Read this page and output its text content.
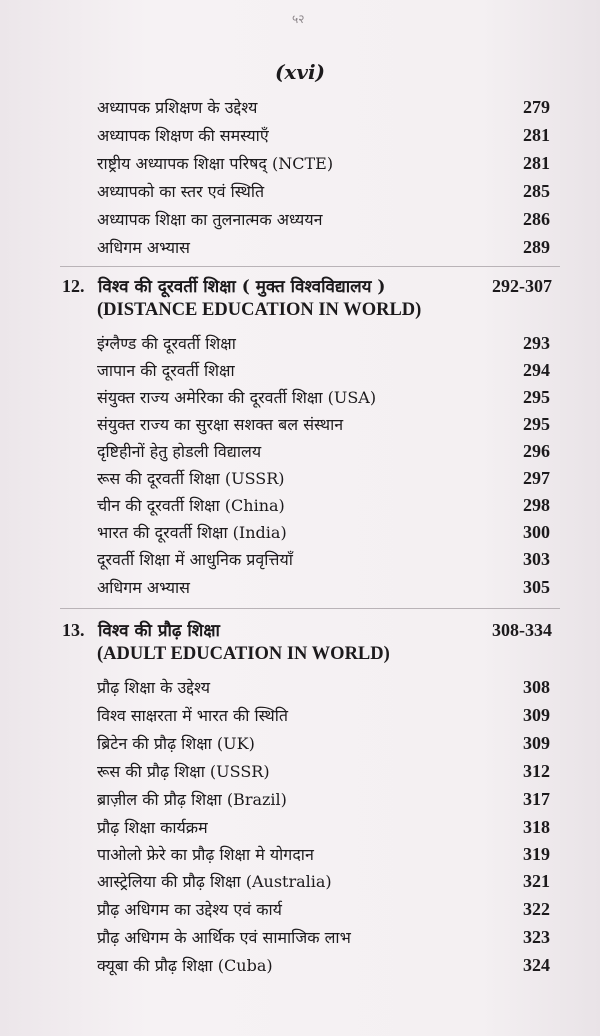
५२
(xvi)
अध्यापक प्रशिक्षण के उद्देश्य	279
अध्यापक शिक्षण की समस्याएँ	281
राष्ट्रीय अध्यापक शिक्षा परिषद् (NCTE)	281
अध्यापको का स्तर एवं स्थिति	285
अध्यापक शिक्षा का तुलनात्मक अध्ययन	286
अधिगम अभ्यास	289
12. विश्व की दूरवर्ती शिक्षा ( मुक्त विश्वविद्यालय )	292-307
(DISTANCE EDUCATION IN WORLD)
इंग्लैण्ड की दूरवर्ती शिक्षा	293
जापान की दूरवर्ती शिक्षा	294
संयुक्त राज्य अमेरिका की दूरवर्ती शिक्षा (USA)	295
संयुक्त राज्य का सुरक्षा सशक्त बल संस्थान	295
दृष्टिहीनों हेतु होडली विद्यालय	296
रूस की दूरवर्ती शिक्षा (USSR)	297
चीन की दूरवर्ती शिक्षा (China)	298
भारत की दूरवर्ती शिक्षा (India)	300
दूरवर्ती शिक्षा में आधुनिक प्रवृत्तियाँ	303
अधिगम अभ्यास	305
13. विश्व की प्रौढ़ शिक्षा	308-334
(ADULT EDUCATION IN WORLD)
प्रौढ़ शिक्षा के उद्देश्य	308
विश्व साक्षरता में भारत की स्थिति	309
ब्रिटेन की प्रौढ़ शिक्षा (UK)	309
रूस की प्रौढ़ शिक्षा (USSR)	312
ब्राज़ील की प्रौढ़ शिक्षा (Brazil)	317
प्रौढ़ शिक्षा कार्यक्रम	318
पाओलो फ्रेरे का प्रौढ़ शिक्षा मे योगदान	319
आस्ट्रेलिया की प्रौढ़ शिक्षा (Australia)	321
प्रौढ़ अधिगम का उद्देश्य एवं कार्य	322
प्रौढ़ अधिगम के आर्थिक एवं सामाजिक लाभ	323
क्यूबा की प्रौढ़ शिक्षा (Cuba)	324
